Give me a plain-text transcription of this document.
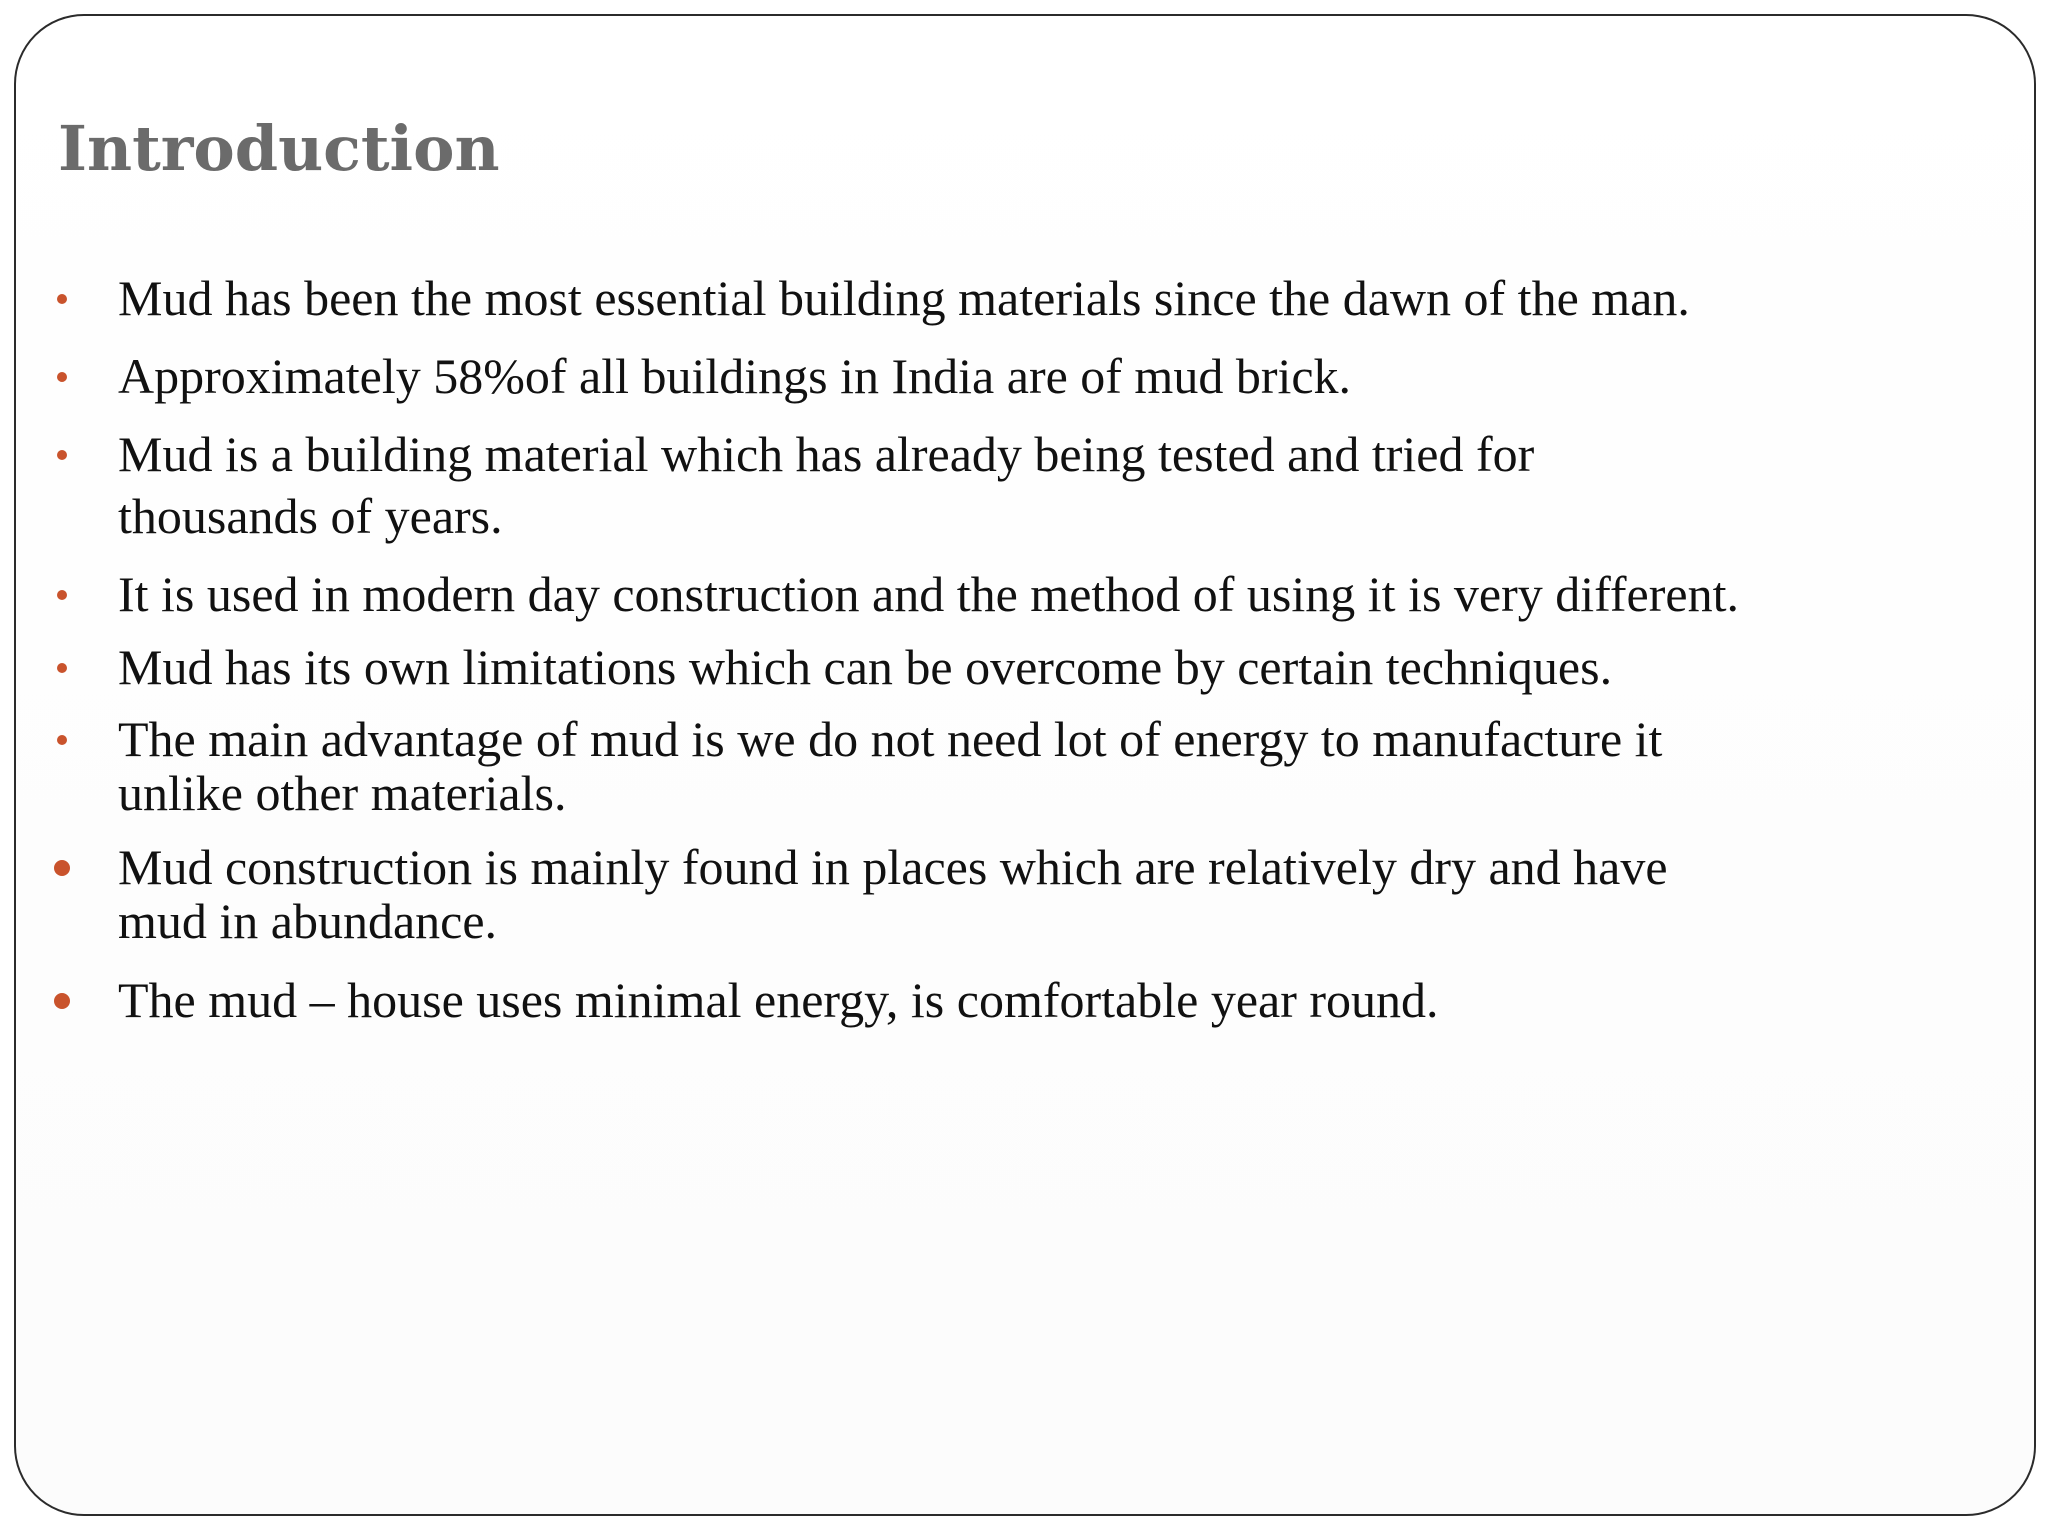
Introduction
Mud has been the most essential building materials since the dawn of the man.
Approximately 58%of all buildings in India are of mud brick.
Mud is a building material which has already being tested and tried for
thousands of years.
It is used in modern day construction and the method of using it is very different.
Mud has its own limitations which can be overcome by certain techniques.
The main advantage of mud is we do not need lot of energy to manufacture it
unlike other materials.
Mud construction is mainly found in places which are relatively dry and have
mud in abundance.
The mud – house uses minimal energy, is comfortable year round.
